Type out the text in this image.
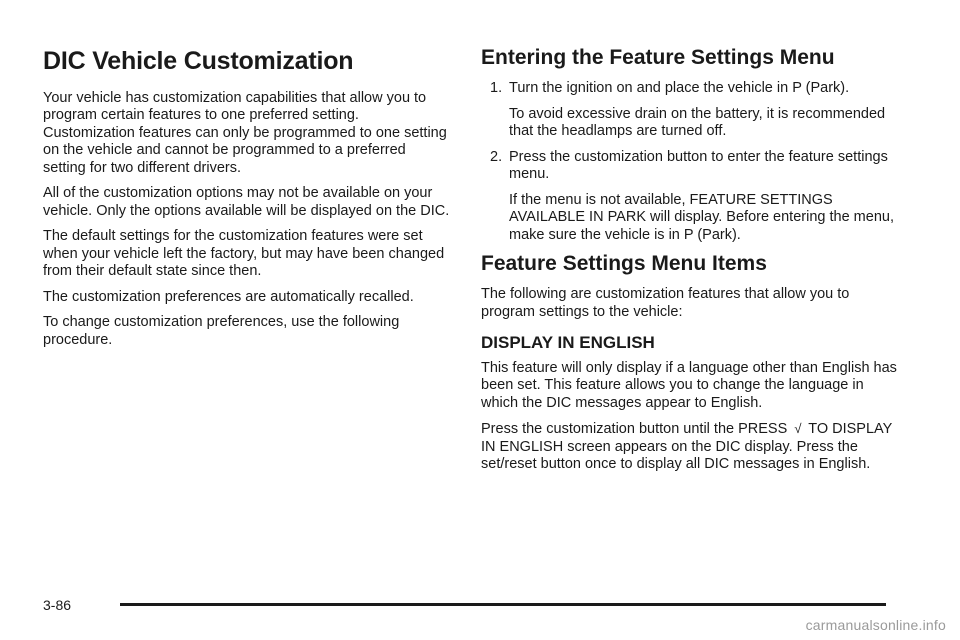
DIC Vehicle Customization

Your vehicle has customization capabilities that allow you to program certain features to one preferred setting. Customization features can only be programmed to one setting on the vehicle and cannot be programmed to a preferred setting for two different drivers.

All of the customization options may not be available on your vehicle. Only the options available will be displayed on the DIC.

The default settings for the customization features were set when your vehicle left the factory, but may have been changed from their default state since then.

The customization preferences are automatically recalled.

To change customization preferences, use the following procedure.

Entering the Feature Settings Menu
1. Turn the ignition on and place the vehicle in P (Park).

To avoid excessive drain on the battery, it is recommended that the headlamps are turned off.

2. Press the customization button to enter the feature settings menu.

If the menu is not available, FEATURE SETTINGS AVAILABLE IN PARK will display. Before entering the menu, make sure the vehicle is in P (Park).

Feature Settings Menu Items

The following are customization features that allow you to program settings to the vehicle:

DISPLAY IN ENGLISH

This feature will only display if a language other than English has been set. This feature allows you to change the language in which the DIC messages appear to English.

Press the customization button until the PRESS √ TO DISPLAY IN ENGLISH screen appears on the DIC display. Press the set/reset button once to display all DIC messages in English.

3-86
carmanualsonline.info
